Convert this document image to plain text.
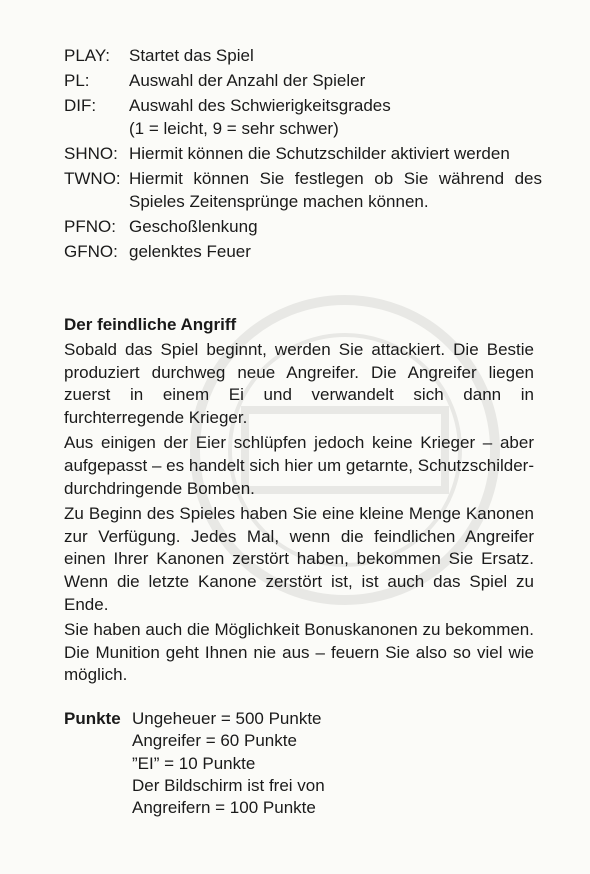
PLAY:	Startet das Spiel
PL:	Auswahl der Anzahl der Spieler
DIF:	Auswahl des Schwierigkeitsgrades
(1 = leicht, 9 = sehr schwer)
SHNO: Hiermit können die Schutzschilder aktiviert werden
TWNO: Hiermit können Sie festlegen ob Sie während des Spieles Zeitensprünge machen können.
PFNO: Geschoßlenkung
GFNO: gelenktes Feuer
Der feindliche Angriff

Sobald das Spiel beginnt, werden Sie attackiert. Die Bestie produziert durchweg neue Angreifer. Die Angreifer liegen zuerst in einem Ei und verwandelt sich dann in furchterregende Krieger.

Aus einigen der Eier schlüpfen jedoch keine Krieger – aber aufgepasst – es handelt sich hier um getarnte, Schutzschilder-durchdringende Bomben.

Zu Beginn des Spieles haben Sie eine kleine Menge Kanonen zur Verfügung. Jedes Mal, wenn die feindlichen Angreifer einen Ihrer Kanonen zerstört haben, bekommen Sie Ersatz. Wenn die letzte Kanone zerstört ist, ist auch das Spiel zu Ende.

Sie haben auch die Möglichkeit Bonuskanonen zu bekommen. Die Munition geht Ihnen nie aus – feuern Sie also so viel wie möglich.

Punkte Ungeheuer = 500 Punkte
Angreifer = 60 Punkte
”EI” = 10 Punkte
Der Bildschirm ist frei von
Angreifern = 100 Punkte
